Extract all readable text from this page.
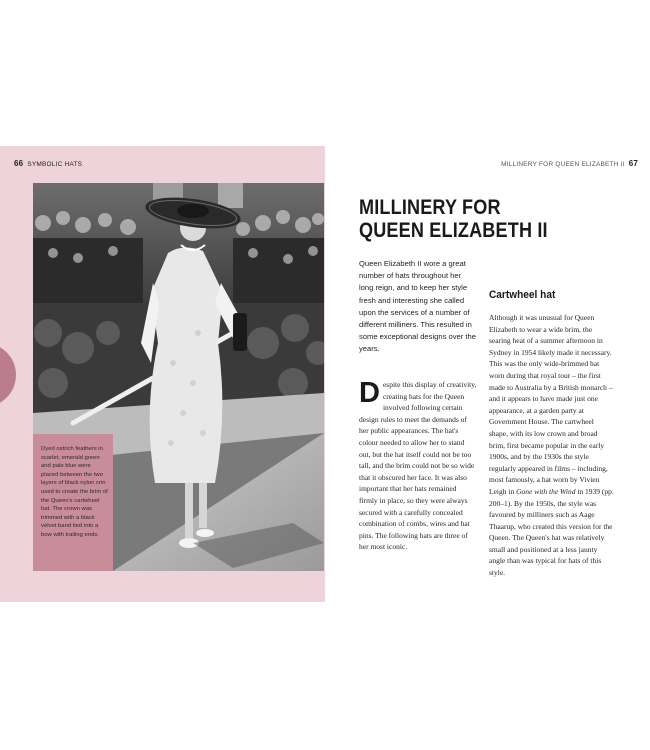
66 SYMBOLIC HATS
Dyed ostrich feathers in scarlet, emerald green and pale blue were placed between the two layers of black nylon crin used to create the brim of the Queen's cartwheel hat. The crown was trimmed with a black velvet band tied into a bow with trailing ends.
MILLINERY FOR QUEEN ELIZABETH II 67
MILLINERY FOR
QUEEN ELIZABETH II
Queen Elizabeth II wore a great number of hats throughout her long reign, and to keep her style fresh and interesting she called upon the services of a number of different milliners. This resulted in some exceptional designs over the years.
Despite this display of creativity, creating hats for the Queen involved following certain design rules to meet the demands of her public appearances. The hat's colour needed to allow her to stand out, but the hat itself could not be too tall, and the brim could not be so wide that it obscured her face. It was also important that her hats remained firmly in place, so they were always secured with a carefully concealed combination of combs, wires and hat pins. The following hats are three of her most iconic.
Cartwheel hat
Although it was unusual for Queen Elizabeth to wear a wide brim, the searing heat of a summer afternoon in Sydney in 1954 likely made it necessary. This was the only wide-brimmed hat worn during that royal tour – the first made to Australia by a British monarch – and it appears to have made just one appearance, at a garden party at Government House. The cartwheel shape, with its low crown and broad brim, first became popular in the early 1900s, and by the 1930s the style regularly appeared in films – including, most famously, a hat worn by Vivien Leigh in Gone with the Wind in 1939 (pp. 200–1). By the 1950s, the style was favoured by milliners such as Aage Thaarup, who created this version for the Queen. The Queen's hat was relatively small and positioned at a less jaunty angle than was typical for hats of this style.
